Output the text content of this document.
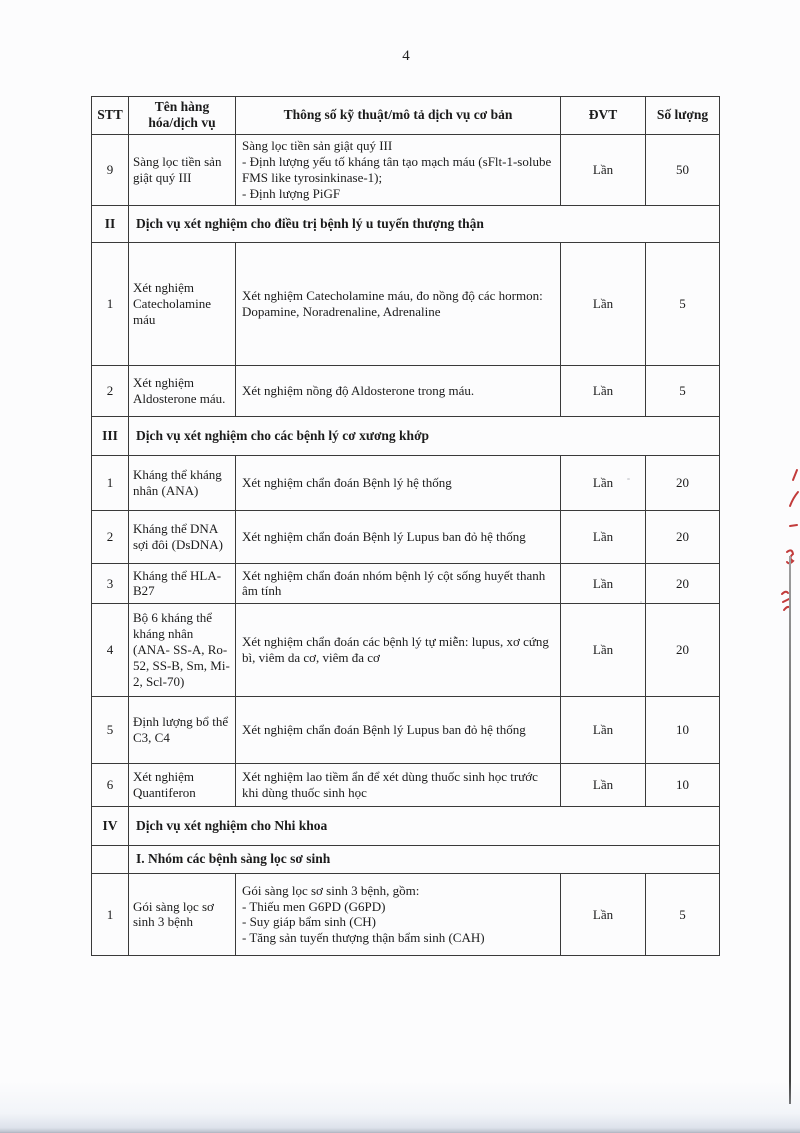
4
STT	Tên hàng hóa/dịch vụ	Thông số kỹ thuật/mô tả dịch vụ cơ bản	ĐVT	Số lượng
9	Sàng lọc tiền sản giật quý III	Sàng lọc tiền sản giật quý III
- Định lượng yếu tố kháng tân tạo mạch máu (sFlt-1-solube FMS like tyrosinkinase-1);
- Định lượng PiGF	Lần	50
II	Dịch vụ xét nghiệm cho điều trị bệnh lý u tuyến thượng thận			
1	Xét nghiệm Catecholamine máu	Xét nghiệm Catecholamine máu, đo nồng độ các hormon: Dopamine, Noradrenaline, Adrenaline	Lần	5
2	Xét nghiệm Aldosterone máu.	Xét nghiệm nồng độ Aldosterone trong máu.	Lần	5
III	Dịch vụ xét nghiệm cho các bệnh lý cơ xương khớp			
1	Kháng thể kháng nhân (ANA)	Xét nghiệm chẩn đoán Bệnh lý hệ thống	Lần	20
2	Kháng thể DNA sợi đôi (DsDNA)	Xét nghiệm chẩn đoán Bệnh lý Lupus ban đỏ hệ thống	Lần	20
3	Kháng thể HLA-B27	Xét nghiệm chẩn đoán nhóm bệnh lý cột sống huyết thanh âm tính	Lần	20
4	Bộ 6 kháng thể kháng nhân (ANA- SS-A, Ro-52, SS-B, Sm, Mi-2, Scl-70)	Xét nghiệm chẩn đoán các bệnh lý tự miễn: lupus, xơ cứng bì, viêm da cơ, viêm đa cơ	Lần	20
5	Định lượng bổ thể C3, C4	Xét nghiệm chẩn đoán Bệnh lý Lupus ban đỏ hệ thống	Lần	10
6	Xét nghiệm Quantiferon	Xét nghiệm lao tiềm ẩn để xét dùng thuốc sinh học trước khi dùng thuốc sinh học	Lần	10
IV	Dịch vụ xét nghiệm cho Nhi khoa			
	I. Nhóm các bệnh sàng lọc sơ sinh			
1	Gói sàng lọc sơ sinh 3 bệnh	Gói sàng lọc sơ sinh 3 bệnh, gồm:
- Thiếu men G6PD (G6PD)
- Suy giáp bẩm sinh (CH)
- Tăng sản tuyến thượng thận bẩm sinh (CAH)	Lần	5
